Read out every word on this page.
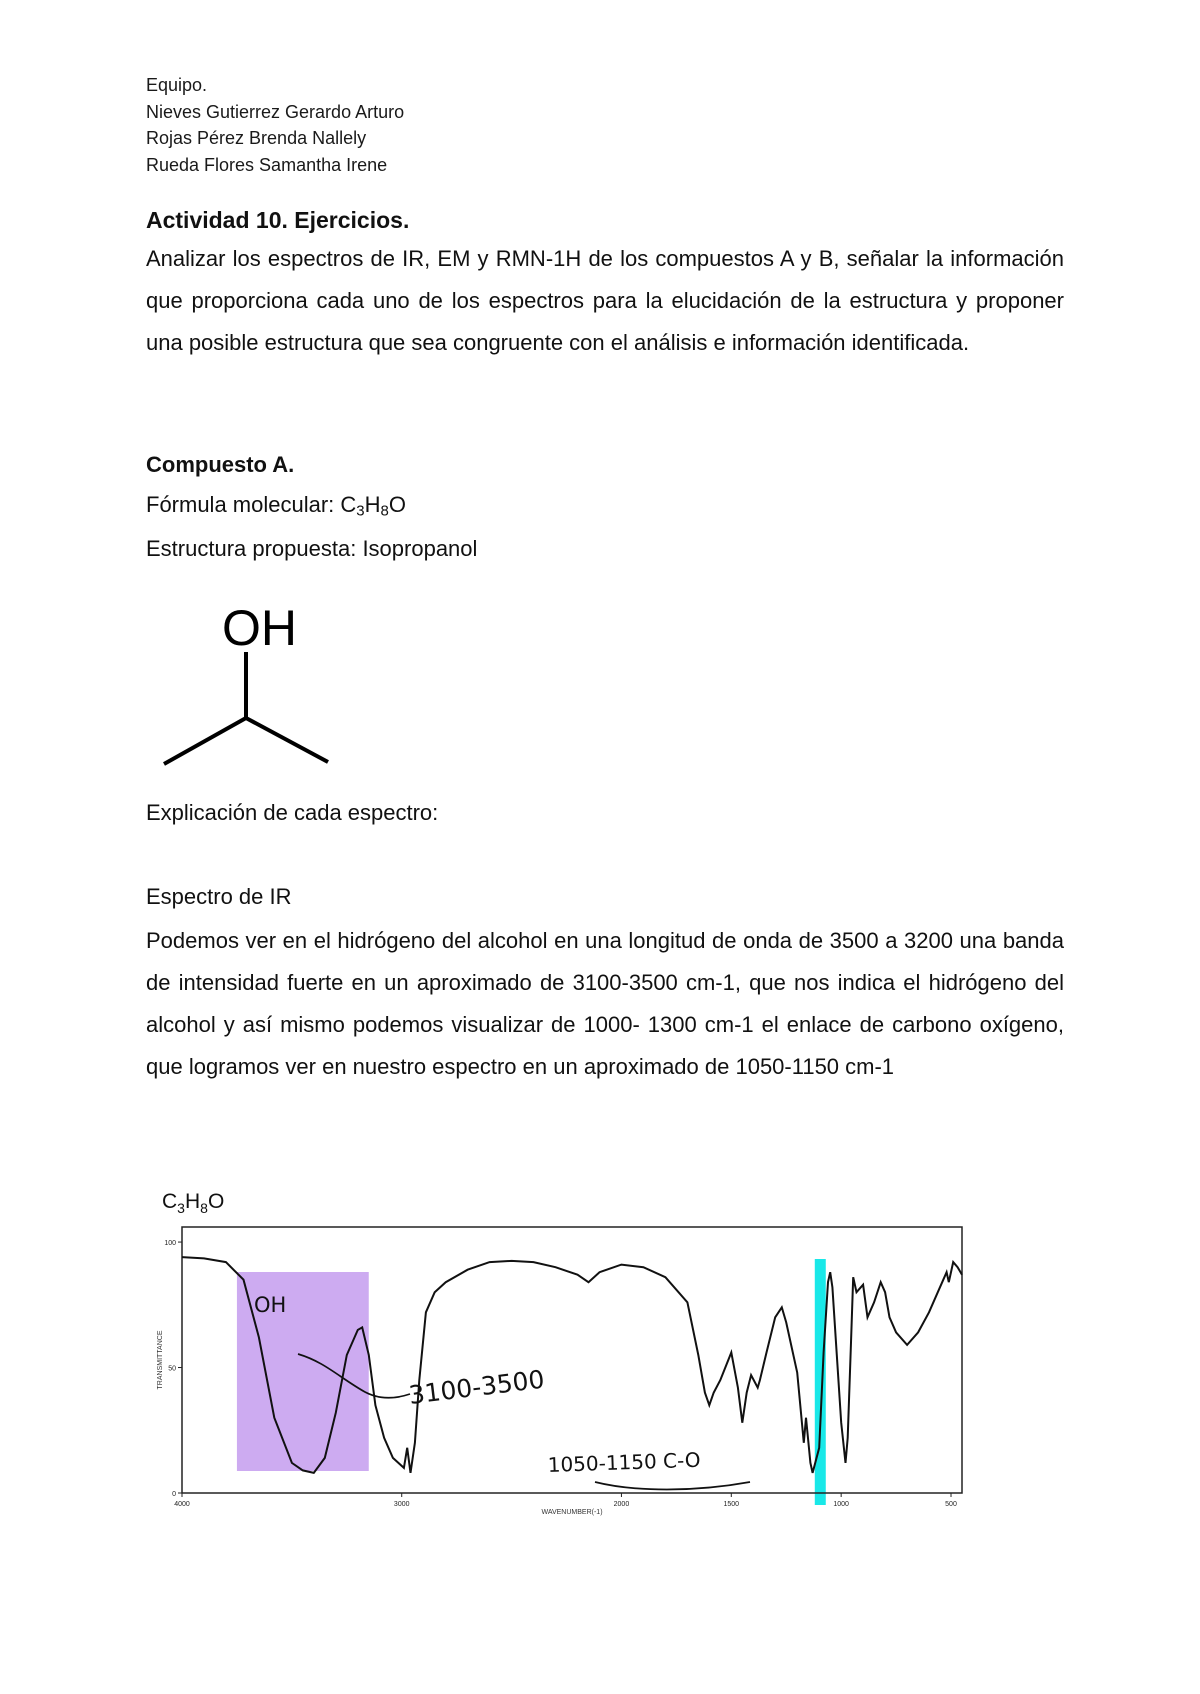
Equipo.
Nieves Gutierrez Gerardo Arturo
Rojas Pérez Brenda Nallely
Rueda Flores Samantha Irene
Actividad 10. Ejercicios.
Analizar los espectros de IR, EM y RMN-1H de los compuestos A y B, señalar la información que proporciona cada uno de los espectros para la elucidación de la estructura y proponer una posible estructura que sea congruente con el análisis e información identificada.
Compuesto A.
Fórmula molecular: $C_3H_8O$
Estructura propuesta: Isopropanol
OH
Explicación de cada espectro:
Espectro de IR
Podemos ver en el hidrógeno del alcohol en una longitud de onda de 3500 a 3200 una banda de intensidad fuerte en un aproximado de 3100-3500 cm-1, que nos indica el hidrógeno del alcohol y así mismo podemos visualizar de 1000- 1300 cm-1 el enlace de carbono oxígeno, que logramos ver en nuestro espectro en un aproximado de 1050-1150 cm-1
$C_3H_8O$
4000	3000	2000	1500	1000	500
100
50
0
WAVENUMBER(-1)
TRANSMITTANCE
OH
3100-3500
1050-1150 C-O
